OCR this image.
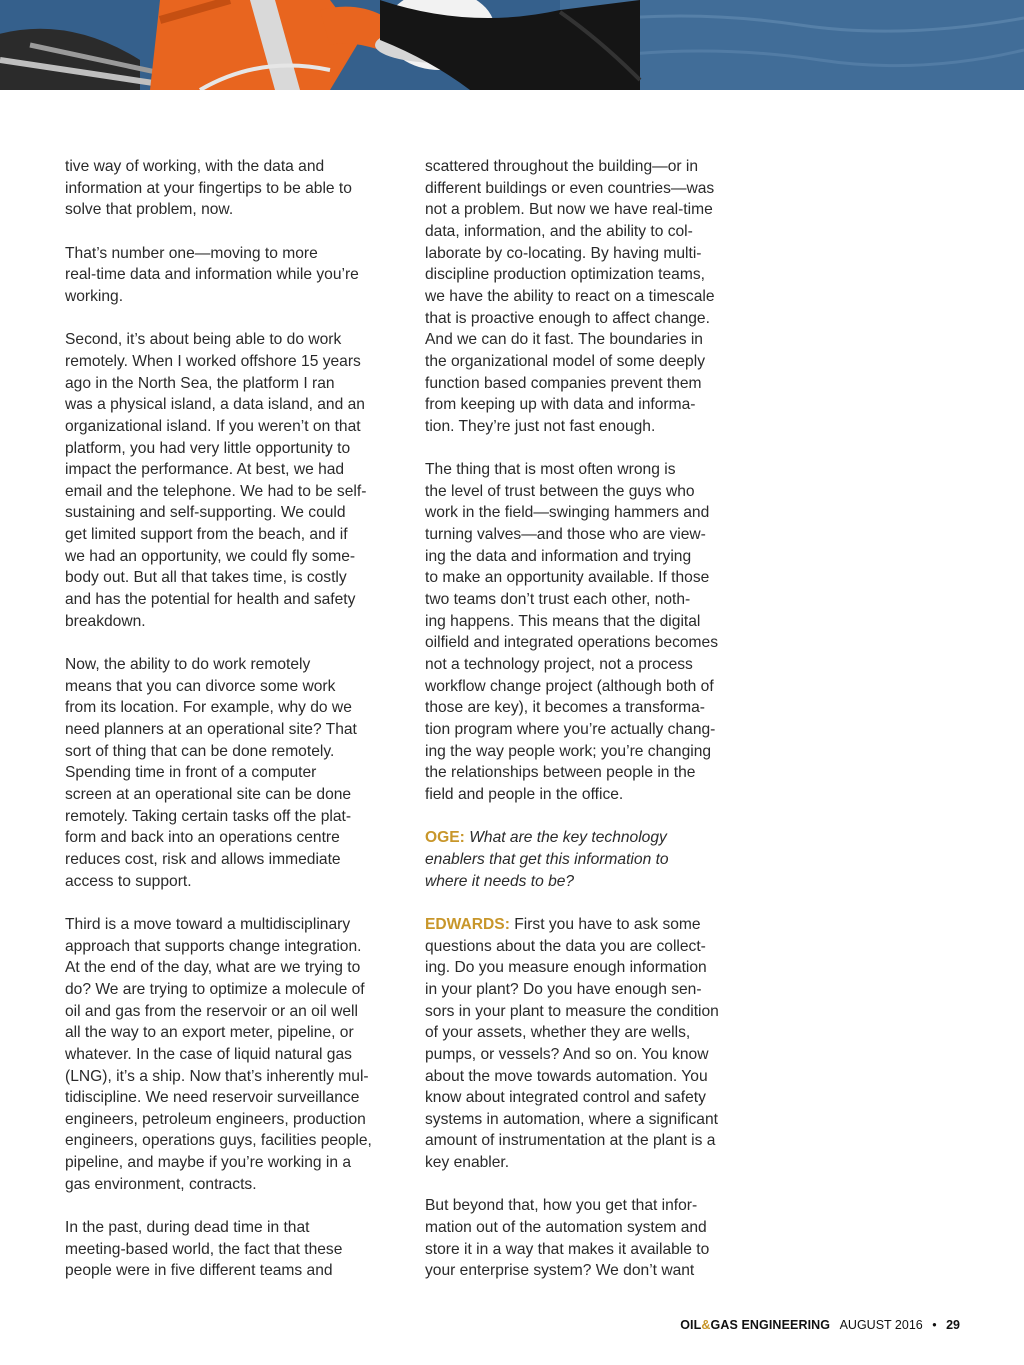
tive way of working, with the data and
information at your fingertips to be able to
solve that problem, now.

That’s number one—moving to more
real-time data and information while you’re
working.

Second, it’s about being able to do work
remotely. When I worked offshore 15 years
ago in the North Sea, the platform I ran
was a physical island, a data island, and an
organizational island. If you weren’t on that
platform, you had very little opportunity to
impact the performance. At best, we had
email and the telephone. We had to be self-
sustaining and self-supporting. We could
get limited support from the beach, and if
we had an opportunity, we could fly some-
body out. But all that takes time, is costly
and has the potential for health and safety
breakdown.

Now, the ability to do work remotely
means that you can divorce some work
from its location. For example, why do we
need planners at an operational site? That
sort of thing that can be done remotely.
Spending time in front of a computer
screen at an operational site can be done
remotely. Taking certain tasks off the plat-
form and back into an operations centre
reduces cost, risk and allows immediate
access to support.

Third is a move toward a multidisciplinary
approach that supports change integration.
At the end of the day, what are we trying to
do? We are trying to optimize a molecule of
oil and gas from the reservoir or an oil well
all the way to an export meter, pipeline, or
whatever. In the case of liquid natural gas
(LNG), it’s a ship. Now that’s inherently mul-
tidiscipline. We need reservoir surveillance
engineers, petroleum engineers, production
engineers, operations guys, facilities people,
pipeline, and maybe if you’re working in a
gas environment, contracts.

In the past, during dead time in that
meeting-based world, the fact that these
people were in five different teams and

scattered throughout the building—or in
different buildings or even countries—was
not a problem. But now we have real-time
data, information, and the ability to col-
laborate by co-locating. By having multi-
discipline production optimization teams,
we have the ability to react on a timescale
that is proactive enough to affect change.
And we can do it fast. The boundaries in
the organizational model of some deeply
function based companies prevent them
from keeping up with data and informa-
tion. They’re just not fast enough.

The thing that is most often wrong is
the level of trust between the guys who
work in the field—swinging hammers and
turning valves—and those who are view-
ing the data and information and trying
to make an opportunity available. If those
two teams don’t trust each other, noth-
ing happens. This means that the digital
oilfield and integrated operations becomes
not a technology project, not a process
workflow change project (although both of
those are key), it becomes a transforma-
tion program where you’re actually chang-
ing the way people work; you’re changing
the relationships between people in the
field and people in the office.

OGE: What are the key technology
enablers that get this information to
where it needs to be?

EDWARDS: First you have to ask some
questions about the data you are collect-
ing. Do you measure enough information
in your plant? Do you have enough sen-
sors in your plant to measure the condition
of your assets, whether they are wells,
pumps, or vessels? And so on. You know
about the move towards automation. You
know about integrated control and safety
systems in automation, where a significant
amount of instrumentation at the plant is a
key enabler.

But beyond that, how you get that infor-
mation out of the automation system and
store it in a way that makes it available to
your enterprise system? We don’t want

OIL&GAS ENGINEERING AUGUST 2016 • 29
